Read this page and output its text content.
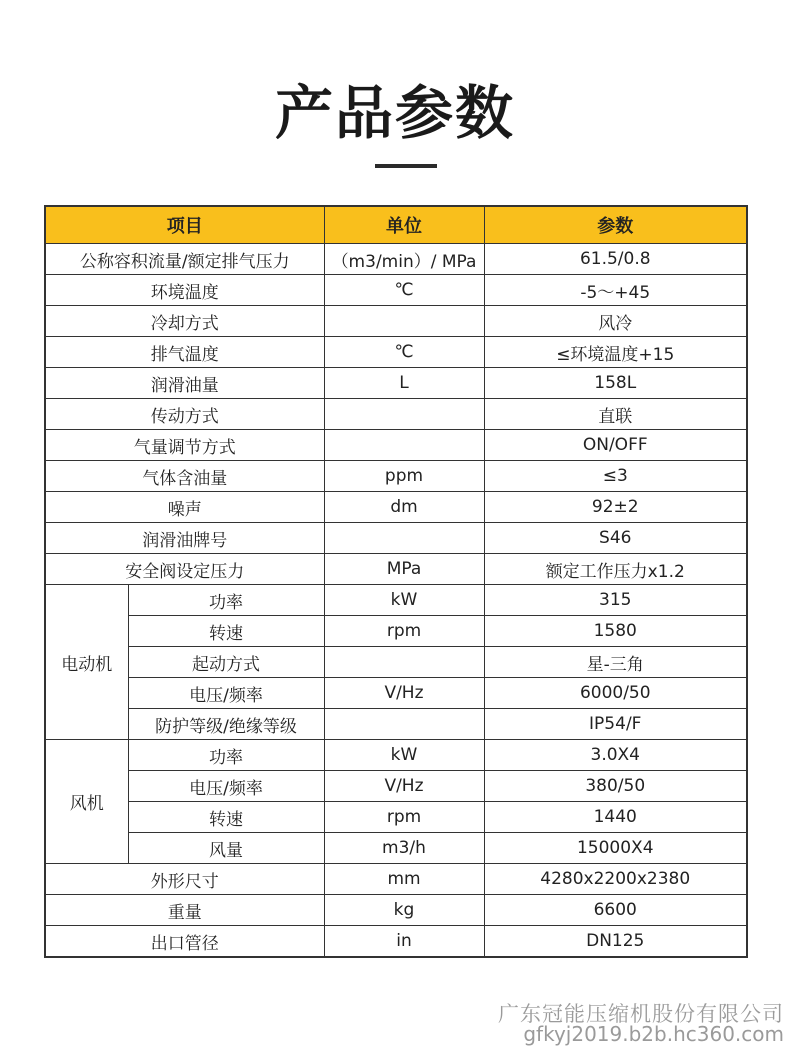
产品参数
项目		单位	参数
公称容积流量/额定排气压力		（m3/min）/ MPa	61.5/0.8
环境温度		℃	-5～+45
冷却方式			风冷
排气温度		℃	≤环境温度+15
润滑油量		L	158L
传动方式			直联
气量调节方式			ON/OFF
气体含油量		ppm	≤3
噪声		dm	92±2
润滑油牌号			S46
安全阀设定压力		MPa	额定工作压力x1.2
电动机	功率	kW	315
	转速	rpm	1580
	起动方式		星-三角
	电压/频率	V/Hz	6000/50
	防护等级/绝缘等级		IP54/F
风机	功率	kW	3.0X4
	电压/频率	V/Hz	380/50
	转速	rpm	1440
	风量	m3/h	15000X4
外形尺寸		mm	4280x2200x2380
重量		kg	6600
出口管径		in	DN125
广东冠能压缩机股份有限公司
gfkyj2019.b2b.hc360.com
